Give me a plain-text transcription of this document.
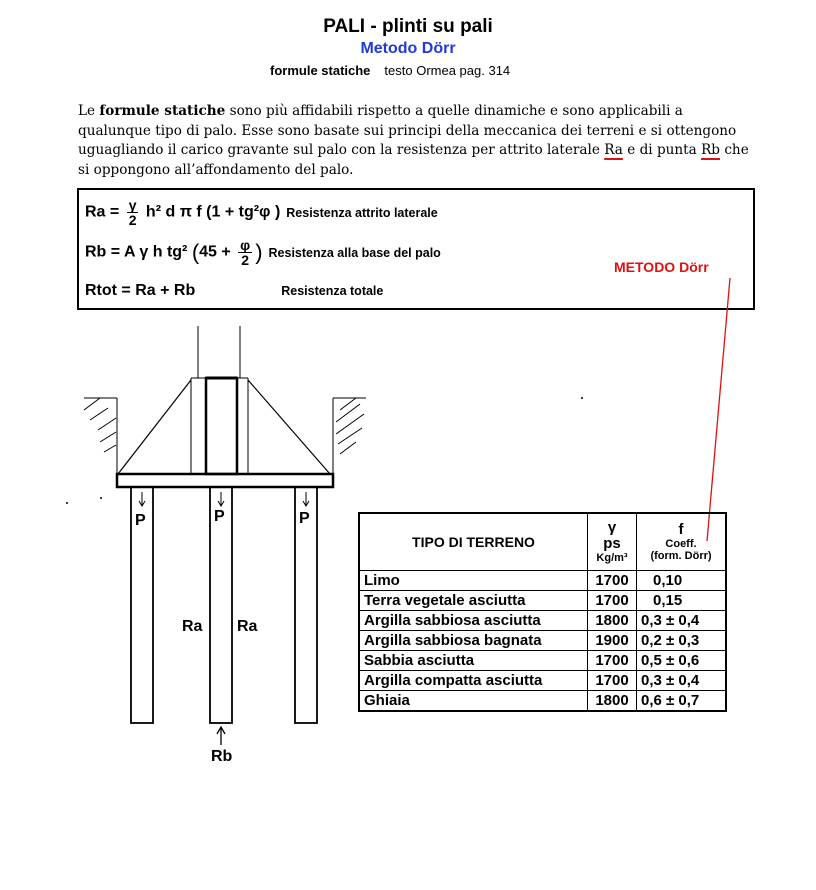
PALI - plinti su pali
Metodo Dörr
formule statiche testo Ormea pag. 314
Le formule statiche sono più affidabili rispetto a quelle dinamiche e sono applicabili a qualunque tipo di palo. Esse sono basate sui principi della meccanica dei terreni e si ottengono uguagliando il carico gravante sul palo con la resistenza per attrito laterale Ra e di punta Rb che si oppongono all’affondamento del palo.
$Ra = \frac{\gamma}{2} h^2$ d π f (1 + tg²φ ) Resistenza attrito laterale
Rb = A γ h tg² ($45 + \frac{\varphi}{2}$ ) Resistenza alla base del palo
Rtot = Ra + Rb	Resistenza totale
METODO Dörr
P	P	P
Ra Ra
Rb
TIPO DI TERRENO	γ
ps
Kg/m³	f
Coeff.
(form. Dörr)

Limo	1700	0,10
Terra vegetale asciutta	1700	0,15
Argilla sabbiosa asciutta	1800	0,3 ± 0,4
Argilla sabbiosa bagnata	1900	0,2 ± 0,3
Sabbia asciutta	1700	0,5 ± 0,6
Argilla compatta asciutta	1700	0,3 ± 0,4
Ghiaia	1800	0,6 ± 0,7
